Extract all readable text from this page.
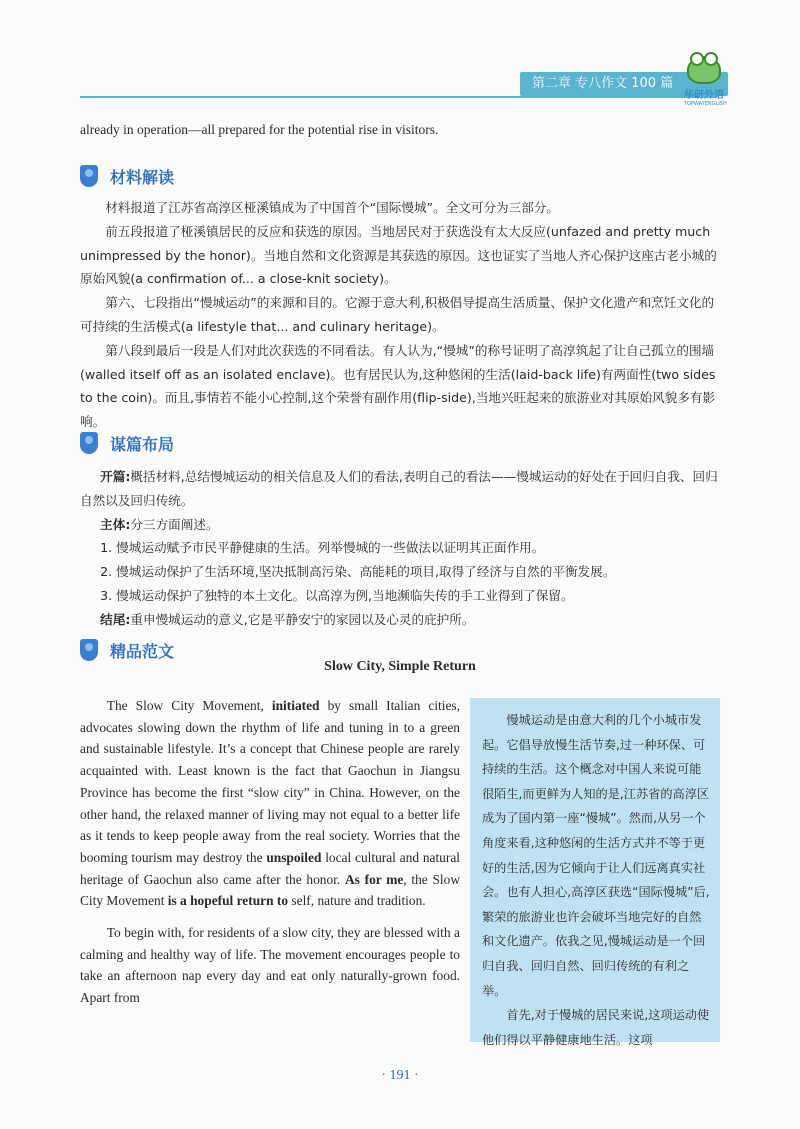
第二章 专八作文 100 篇
华研外语
TOPWAYENGLISH
already in operation—all prepared for the potential rise in visitors.
材料解读

材料报道了江苏省高淳区桠溪镇成为了中国首个“国际慢城”。全文可分为三部分。

前五段报道了桠溪镇居民的反应和获选的原因。当地居民对于获选没有太大反应(unfazed and pretty much unimpressed by the honor)。当地自然和文化资源是其获选的原因。这也证实了当地人齐心保护这座古老小城的原始风貌(a confirmation of... a close-knit society)。

第六、七段指出“慢城运动”的来源和目的。它源于意大利,积极倡导提高生活质量、保护文化遗产和烹饪文化的可持续的生活模式(a lifestyle that... and culinary heritage)。

第八段到最后一段是人们对此次获选的不同看法。有人认为,“慢城”的称号证明了高淳筑起了让自己孤立的围墙(walled itself off as an isolated enclave)。也有居民认为,这种悠闲的生活(laid-back life)有两面性(two sides to the coin)。而且,事情若不能小心控制,这个荣誉有副作用(flip-side),当地兴旺起来的旅游业对其原始风貌多有影响。

谋篇布局

开篇:概括材料,总结慢城运动的相关信息及人们的看法,表明自己的看法——慢城运动的好处在于回归自我、回归自然以及回归传统。

主体:分三方面阐述。

1. 慢城运动赋予市民平静健康的生活。列举慢城的一些做法以证明其正面作用。

2. 慢城运动保护了生活环境,坚决抵制高污染、高能耗的项目,取得了经济与自然的平衡发展。

3. 慢城运动保护了独特的本土文化。以高淳为例,当地濒临失传的手工业得到了保留。

结尾:重申慢城运动的意义,它是平静安宁的家园以及心灵的庇护所。

精品范文
Slow City, Simple Return

The Slow City Movement, initiated by small Italian cities, advocates slowing down the rhythm of life and tuning in to a green and sustainable lifestyle. It’s a concept that Chinese people are rarely acquainted with. Least known is the fact that Gaochun in Jiangsu Province has become the first “slow city” in China. However, on the other hand, the relaxed manner of living may not equal to a better life as it tends to keep people away from the real society. Worries that the booming tourism may destroy the unspoiled local cultural and natural heritage of Gaochun also came after the honor. As for me, the Slow City Movement is a hopeful return to self, nature and tradition.

To begin with, for residents of a slow city, they are blessed with a calming and healthy way of life. The movement encourages people to take an afternoon nap every day and eat only naturally-grown food. Apart from

慢城运动是由意大利的几个小城市发起。它倡导放慢生活节奏,过一种环保、可持续的生活。这个概念对中国人来说可能很陌生,而更鲜为人知的是,江苏省的高淳区成为了国内第一座“慢城”。然而,从另一个角度来看,这种悠闲的生活方式并不等于更好的生活,因为它倾向于让人们远离真实社会。也有人担心,高淳区获选“国际慢城”后,繁荣的旅游业也许会破坏当地完好的自然和文化遗产。依我之见,慢城运动是一个回归自我、回归自然、回归传统的有利之举。

首先,对于慢城的居民来说,这项运动使他们得以平静健康地生活。这项

· 191 ·
